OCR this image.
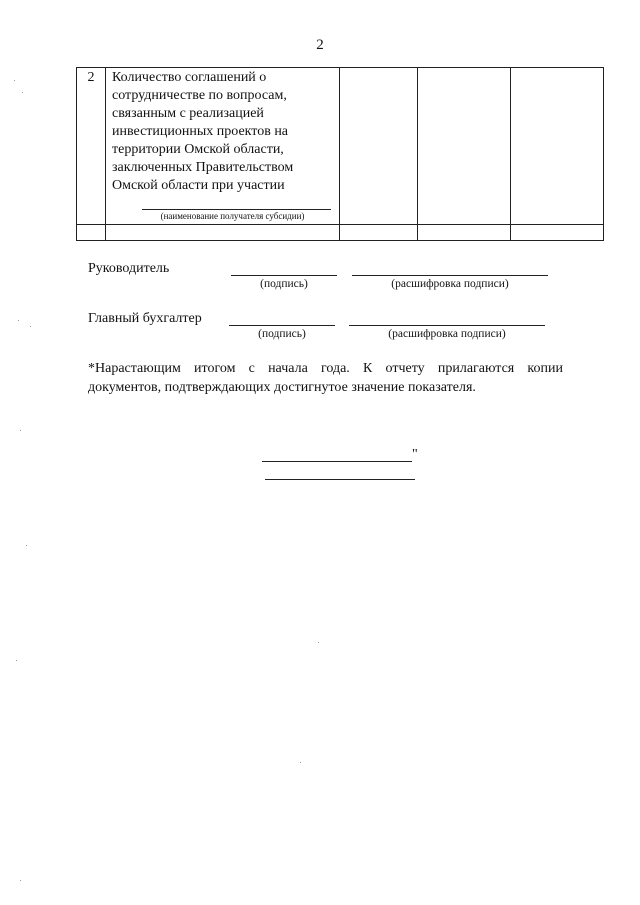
2
2	Количество соглашений о сотрудничестве по вопросам, связанным с реализацией инвестиционных проектов на территории Омской области, заключенных Правительством Омской области при участии
(наименование получателя субсидии)			

Руководитель
(подпись)	(расшифровка подписи)
Главный бухгалтер
(подпись)	(расшифровка подписи)
*Нарастающим итогом с начала года. К отчету прилагаются копии
документов, подтверждающих достигнутое значение показателя.
"
